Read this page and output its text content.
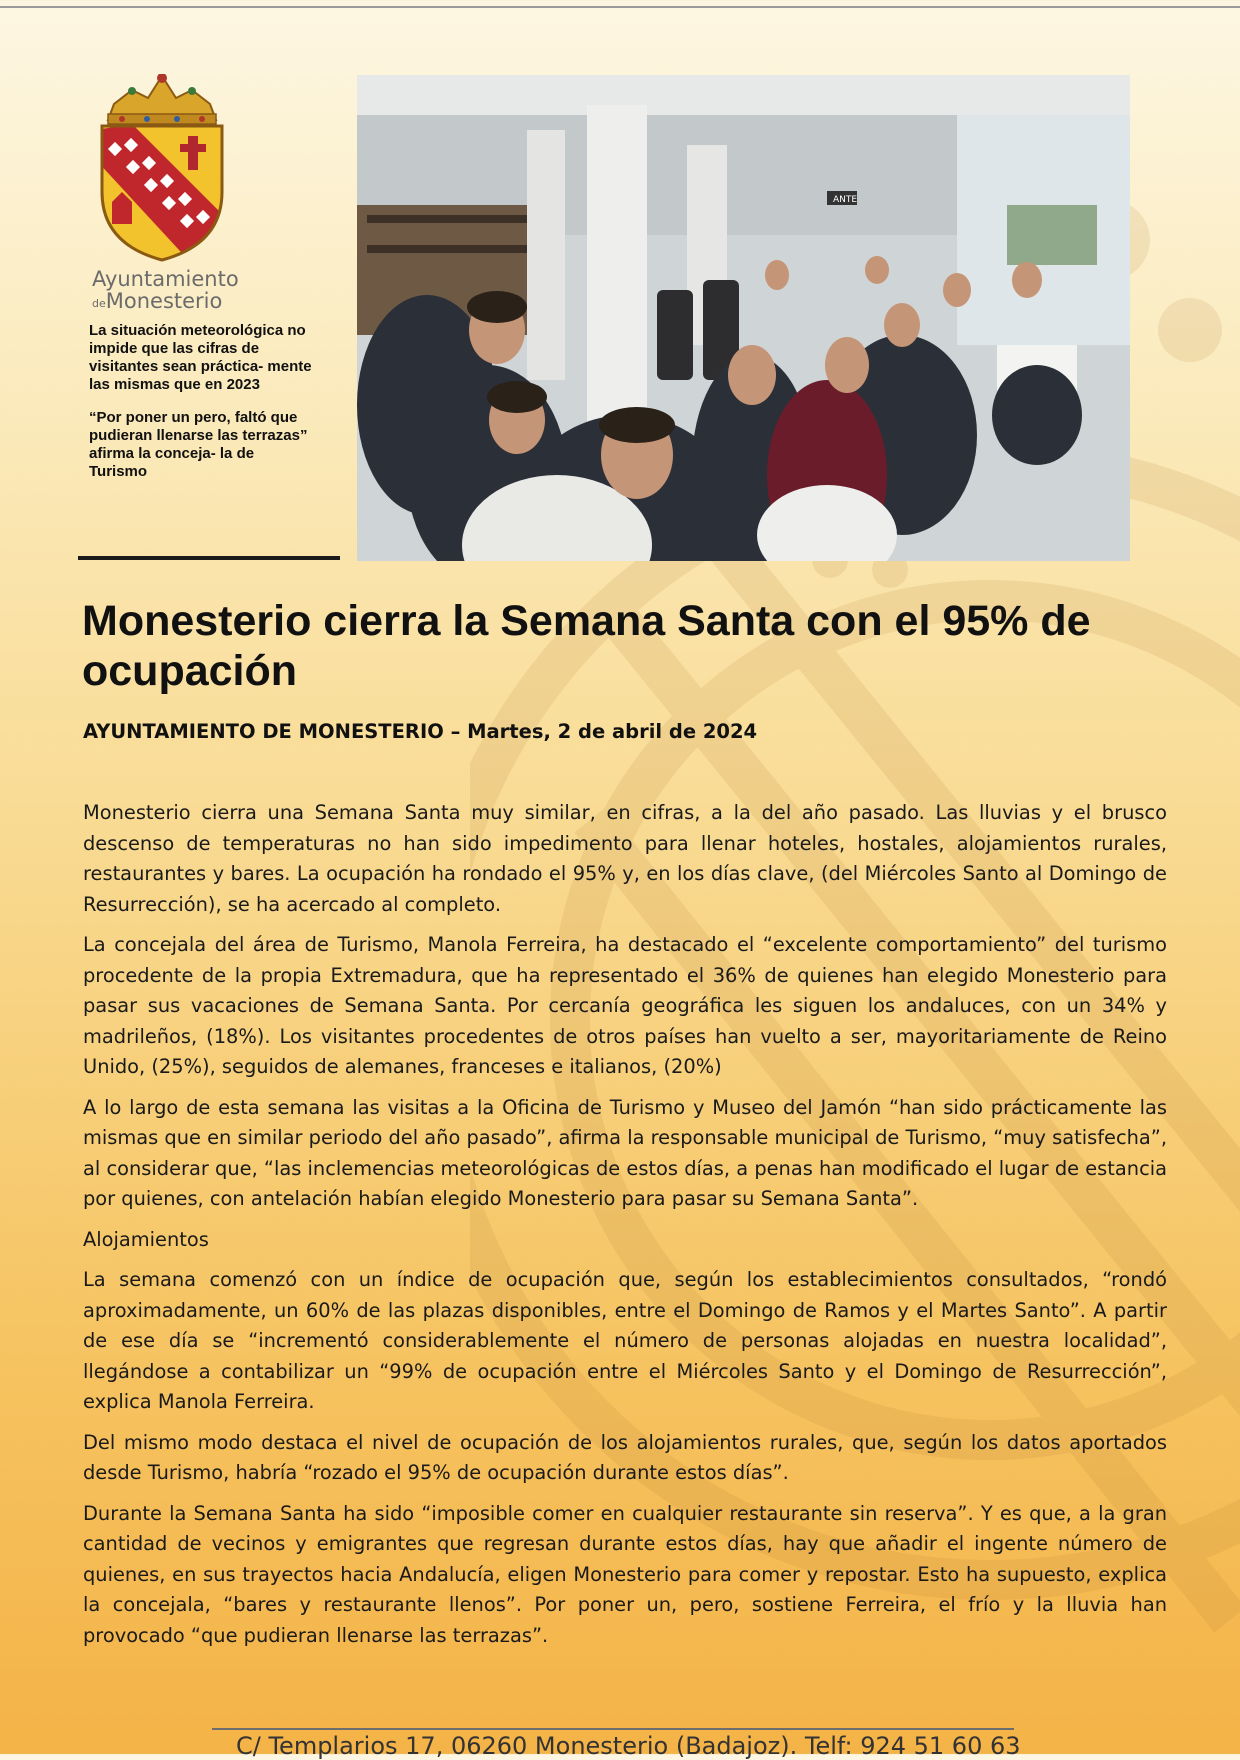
Ayuntamiento
deMonesterio

La situación meteorológica no impide que las cifras de visitantes sean práctica- mente las mismas que en 2023

“Por poner un pero, faltó que pudieran llenarse las terrazas” afirma la conceja- la de Turismo

ANTE
Monesterio cierra la Semana Santa con el 95% de ocupación

AYUNTAMIENTO DE MONESTERIO – Martes, 2 de abril de 2024

Monesterio cierra una Semana Santa muy similar, en cifras, a la del año pasado. Las lluvias y el brusco descenso de temperaturas no han sido impedimento para llenar hoteles, hostales, alojamientos rurales, restaurantes y bares. La ocupación ha rondado el 95% y, en los días clave, (del Miércoles Santo al Domingo de Resurrección), se ha acercado al completo.

La concejala del área de Turismo, Manola Ferreira, ha destacado el “excelente comportamiento” del turismo procedente de la propia Extremadura, que ha representado el 36% de quienes han elegido Monesterio para pasar sus vacaciones de Semana Santa. Por cercanía geográfica les siguen los andaluces, con un 34% y madrileños, (18%). Los visitantes procedentes de otros países han vuelto a ser, mayoritariamente de Reino Unido, (25%), seguidos de alemanes, franceses e italianos, (20%)

A lo largo de esta semana las visitas a la Oficina de Turismo y Museo del Jamón “han sido prácticamente las mismas que en similar periodo del año pasado”, afirma la responsable municipal de Turismo, “muy satisfecha”, al considerar que, “las inclemencias meteorológicas de estos días, a penas han modificado el lugar de estancia por quienes, con antelación habían elegido Monesterio para pasar su Semana Santa”.

Alojamientos

La semana comenzó con un índice de ocupación que, según los establecimientos consultados, “rondó aproximadamente, un 60% de las plazas disponibles, entre el Domingo de Ramos y el Martes Santo”. A partir de ese día se “incrementó considerablemente el número de personas alojadas en nuestra localidad”, llegándose a contabilizar un “99% de ocupación entre el Miércoles Santo y el Domingo de Resurrección”, explica Manola Ferreira.

Del mismo modo destaca el nivel de ocupación de los alojamientos rurales, que, según los datos aportados desde Turismo, habría “rozado el 95% de ocupación durante estos días”.

Durante la Semana Santa ha sido “imposible comer en cualquier restaurante sin reserva”. Y es que, a la gran cantidad de vecinos y emigrantes que regresan durante estos días, hay que añadir el ingente número de quienes, en sus trayectos hacia Andalucía, eligen Monesterio para comer y repostar. Esto ha supuesto, explica la concejala, “bares y restaurante llenos”. Por poner un, pero, sostiene Ferreira, el frío y la lluvia han provocado “que pudieran llenarse las terrazas”.

C/ Templarios 17, 06260 Monesterio (Badajoz). Telf: 924 51 60 63
